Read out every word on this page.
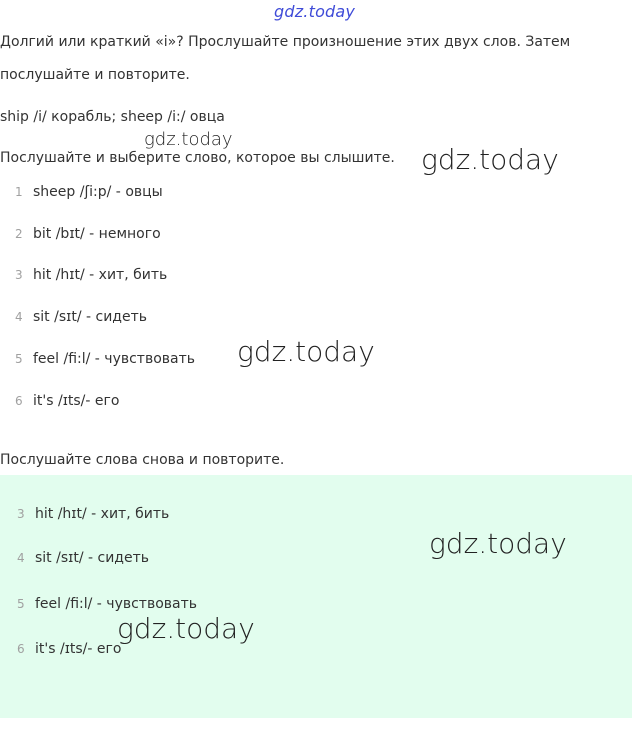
gdz.today
Долгий или краткий «i»? Прослушайте произношение этих двух слов. Затем
послушайте и повторите.
ship /i/ корабль; sheep /i:/ овца
gdz.today
Послушайте и выберите слово, которое вы слышите. gdz.today
1 sheep /ʃi:p/ - овцы
2 bit /bɪt/ - немного
3 hit /hɪt/ - хит, бить
4 sit /sɪt/ - сидеть
5 feel /fi:l/ - чувствовать gdz.today
6 it's /ɪts/- его
Послушайте слова снова и повторите.
3 hit /hɪt/ - хит, бить
gdz.today
4 sit /sɪt/ - сидеть
5 feel /fi:l/ - чувствовать
gdz.today
6 it's /ɪts/- его
